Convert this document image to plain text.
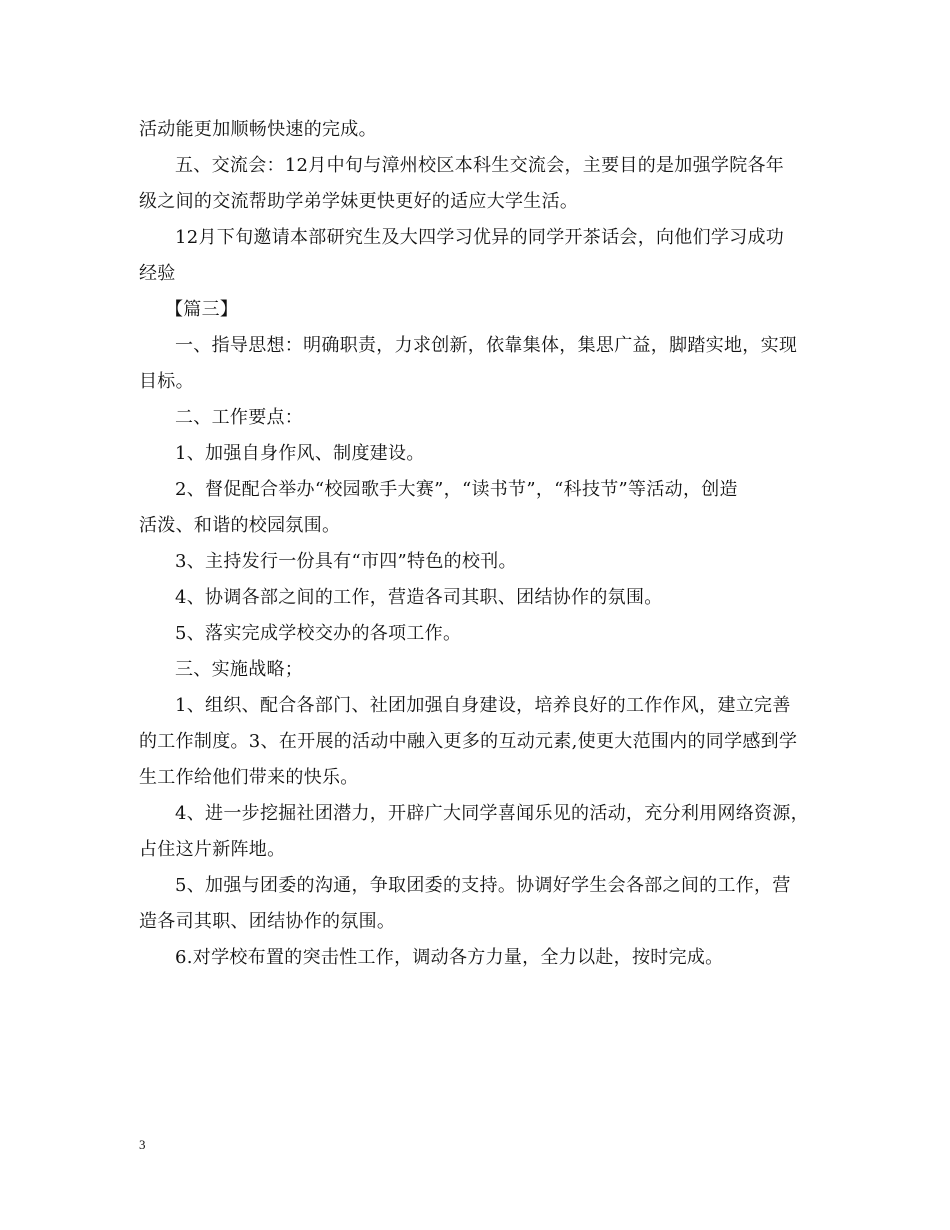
活动能更加顺畅快速的完成。
五、交流会：12月中旬与漳州校区本科生交流会，主要目的是加强学院各年
级之间的交流帮助学弟学妹更快更好的适应大学生活。
12月下旬邀请本部研究生及大四学习优异的同学开茶话会，向他们学习成功
经验
【篇三】
一、指导思想：明确职责，力求创新，依靠集体，集思广益，脚踏实地，实现
目标。
二、工作要点：
1、加强自身作风、制度建设。
2、督促配合举办“校园歌手大赛”，“读书节”，“科技节”等活动，创造
活泼、和谐的校园氛围。
3、主持发行一份具有“市四”特色的校刊。
4、协调各部之间的工作，营造各司其职、团结协作的氛围。
5、落实完成学校交办的各项工作。
三、实施战略；
1、组织、配合各部门、社团加强自身建设，培养良好的工作作风，建立完善
的工作制度。3、在开展的活动中融入更多的互动元素,使更大范围内的同学感到学
生工作给他们带来的快乐。
4、进一步挖掘社团潜力，开辟广大同学喜闻乐见的活动，充分利用网络资源，
占住这片新阵地。
5、加强与团委的沟通，争取团委的支持。协调好学生会各部之间的工作，营
造各司其职、团结协作的氛围。
6.对学校布置的突击性工作，调动各方力量，全力以赴，按时完成。
3
